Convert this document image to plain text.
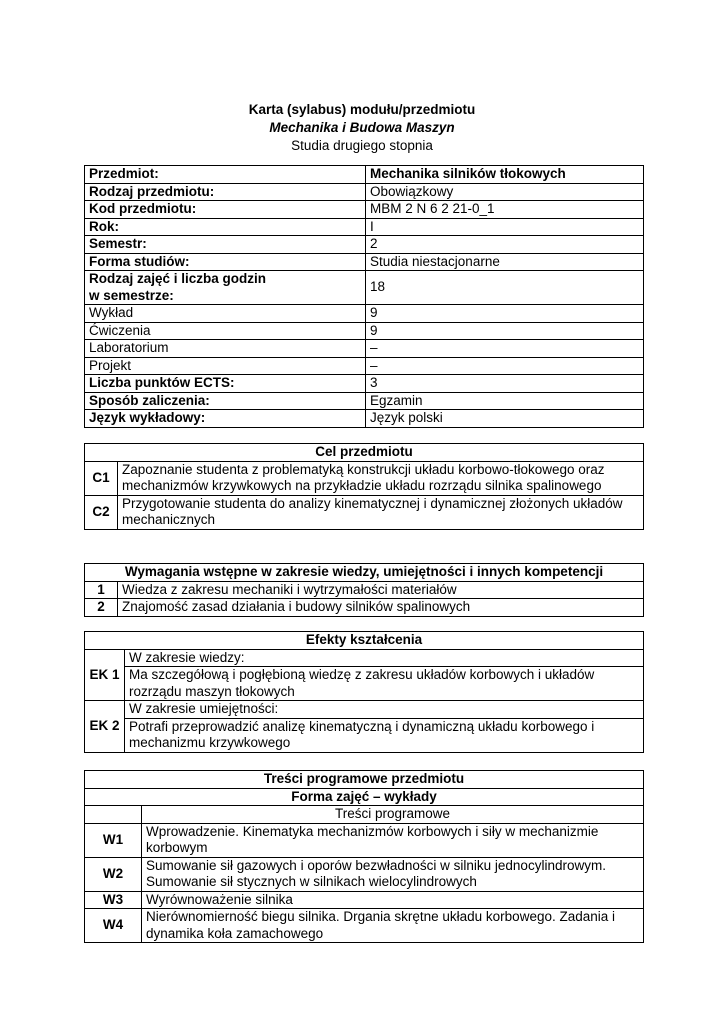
Karta (sylabus) modułu/przedmiotu
Mechanika i Budowa Maszyn
Studia drugiego stopnia
Przedmiot:	Mechanika silników tłokowych
Rodzaj przedmiotu:	Obowiązkowy
Kod przedmiotu:	MBM 2 N 6 2 21-0_1
Rok:	I
Semestr:	2
Forma studiów:	Studia niestacjonarne

Rodzaj zajęć i liczba godzin
w semestrze:	18
Wykład	9
Ćwiczenia	9
Laboratorium	–
Projekt	–
Liczba punktów ECTS:	3
Sposób zaliczenia:	Egzamin
Język wykładowy:	Język polski
Cel przedmiotu	
C1	Zapoznanie studenta z problematyką konstrukcji układu korbowo-tłokowego oraz mechanizmów krzywkowych na przykładzie układu rozrządu silnika spalinowego
C2	Przygotowanie studenta do analizy kinematycznej i dynamicznej złożonych układów mechanicznych
Wymagania wstępne w zakresie wiedzy, umiejętności i innych kompetencji	
1	Wiedza z zakresu mechaniki i wytrzymałości materiałów
2	Znajomość zasad działania i budowy silników spalinowych
Efekty kształcenia	
EK 1	W zakresie wiedzy:
	Ma szczegółową i pogłębioną wiedzę z zakresu układów korbowych i układów rozrządu maszyn tłokowych
EK 2	W zakresie umiejętności:
	Potrafi przeprowadzić analizę kinematyczną i dynamiczną układu korbowego i mechanizmu krzywkowego
Treści programowe przedmiotu	
Forma zajęć – wykłady	
	Treści programowe
W1	Wprowadzenie. Kinematyka mechanizmów korbowych i siły w mechanizmie korbowym
W2	Sumowanie sił gazowych i oporów bezwładności w silniku jednocylindrowym. Sumowanie sił stycznych w silnikach wielocylindrowych
W3	Wyrównoważenie silnika
W4	Nierównomierność biegu silnika. Drgania skrętne układu korbowego. Zadania i dynamika koła zamachowego
